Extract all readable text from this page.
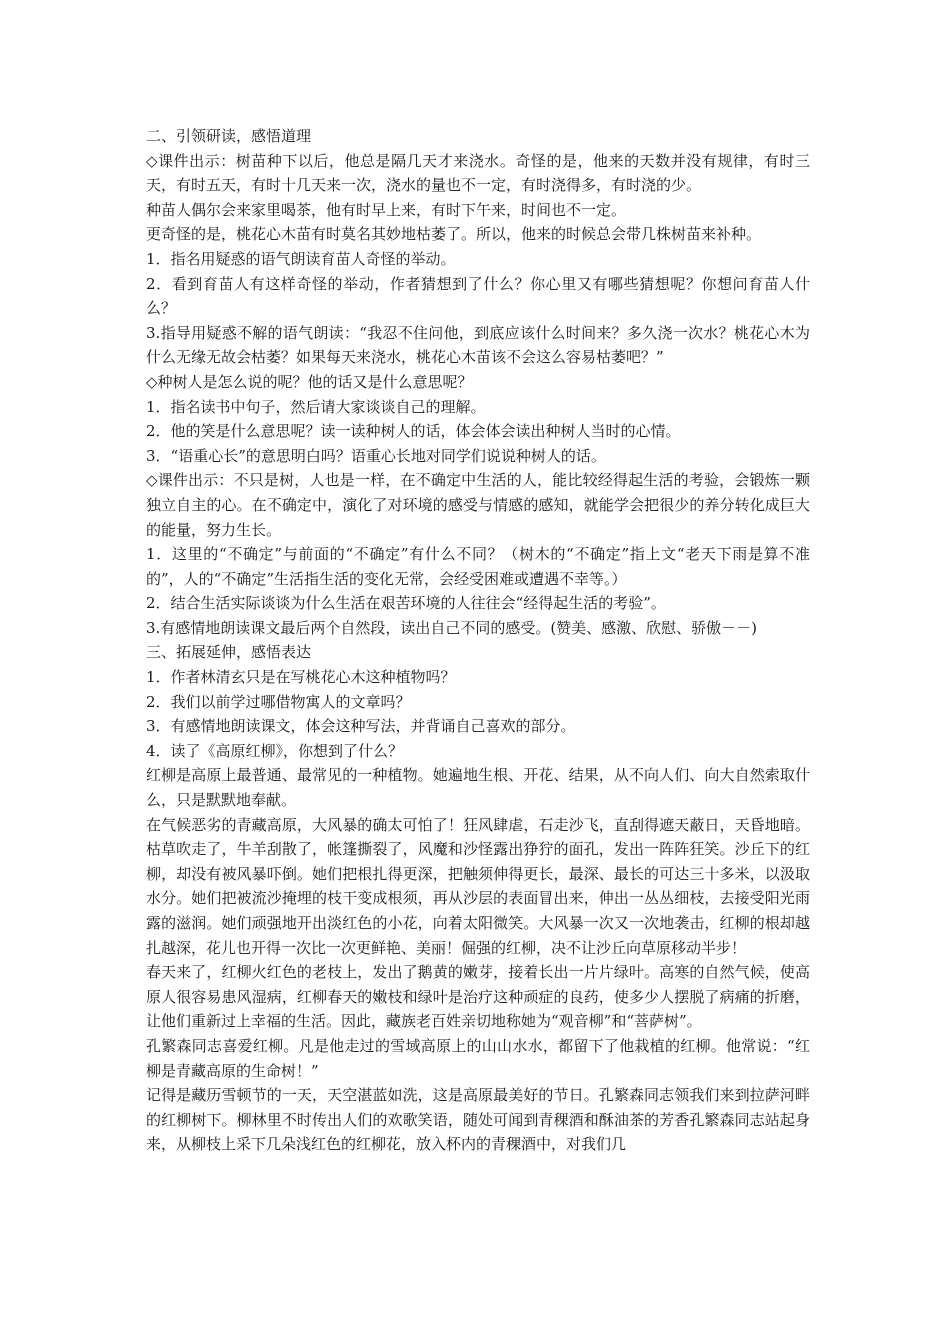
二、引领研读，感悟道理

◇课件出示：树苗种下以后，他总是隔几天才来浇水。奇怪的是，他来的天数并没有规律，有时三天，有时五天，有时十几天来一次，浇水的量也不一定，有时浇得多，有时浇的少。

种苗人偶尔会来家里喝茶，他有时早上来，有时下午来，时间也不一定。

更奇怪的是，桃花心木苗有时莫名其妙地枯萎了。所以，他来的时候总会带几株树苗来补种。

1．指名用疑惑的语气朗读育苗人奇怪的举动。

2．看到育苗人有这样奇怪的举动，作者猜想到了什么？你心里又有哪些猜想呢？你想问育苗人什么？

3.指导用疑惑不解的语气朗读：“我忍不住问他，到底应该什么时间来？多久浇一次水？桃花心木为什么无缘无故会枯萎？如果每天来浇水，桃花心木苗该不会这么容易枯萎吧？”

◇种树人是怎么说的呢？他的话又是什么意思呢？

1．指名读书中句子，然后请大家谈谈自己的理解。

2．他的笑是什么意思呢？读一读种树人的话，体会体会读出种树人当时的心情。

3．“语重心长”的意思明白吗？语重心长地对同学们说说种树人的话。

◇课件出示：不只是树，人也是一样，在不确定中生活的人，能比较经得起生活的考验，会锻炼一颗独立自主的心。在不确定中，演化了对环境的感受与情感的感知，就能学会把很少的养分转化成巨大的能量，努力生长。

1．这里的“不确定”与前面的“不确定”有什么不同？（树木的“不确定”指上文“老天下雨是算不准的”，人的“不确定”生活指生活的变化无常，会经受困难或遭遇不幸等。）

2．结合生活实际谈谈为什么生活在艰苦环境的人往往会“经得起生活的考验”。

3.有感情地朗读课文最后两个自然段，读出自己不同的感受。(赞美、感激、欣慰、骄傲－－)

三、拓展延伸，感悟表达

1．作者林清玄只是在写桃花心木这种植物吗？

2．我们以前学过哪借物寓人的文章吗？

3．有感情地朗读课文，体会这种写法，并背诵自己喜欢的部分。

4．读了《高原红柳》，你想到了什么？

红柳是高原上最普通、最常见的一种植物。她遍地生根、开花、结果，从不向人们、向大自然索取什么，只是默默地奉献。

在气候恶劣的青藏高原，大风暴的确太可怕了！狂风肆虐，石走沙飞，直刮得遮天蔽日，天昏地暗。枯草吹走了，牛羊刮散了，帐篷撕裂了，风魔和沙怪露出狰狞的面孔，发出一阵阵狂笑。沙丘下的红柳，却没有被风暴吓倒。她们把根扎得更深，把触须伸得更长，最深、最长的可达三十多米，以汲取水分。她们把被流沙掩埋的枝干变成根须，再从沙层的表面冒出来，伸出一丛丛细枝，去接受阳光雨露的滋润。她们顽强地开出淡红色的小花，向着太阳微笑。大风暴一次又一次地袭击，红柳的根却越扎越深，花儿也开得一次比一次更鲜艳、美丽！倔强的红柳，决不让沙丘向草原移动半步！

春天来了，红柳火红色的老枝上，发出了鹅黄的嫩芽，接着长出一片片绿叶。高寒的自然气候，使高原人很容易患风湿病，红柳春天的嫩枝和绿叶是治疗这种顽症的良药，使多少人摆脱了病痛的折磨，让他们重新过上幸福的生活。因此，藏族老百姓亲切地称她为“观音柳”和“菩萨树”。

孔繁森同志喜爱红柳。凡是他走过的雪域高原上的山山水水，都留下了他栽植的红柳。他常说：“红柳是青藏高原的生命树！”

记得是藏历雪顿节的一天，天空湛蓝如洗，这是高原最美好的节日。孔繁森同志领我们来到拉萨河畔的红柳树下。柳林里不时传出人们的欢歌笑语，随处可闻到青稞酒和酥油茶的芳香孔繁森同志站起身来，从柳枝上采下几朵浅红色的红柳花，放入杯内的青稞酒中，对我们几
